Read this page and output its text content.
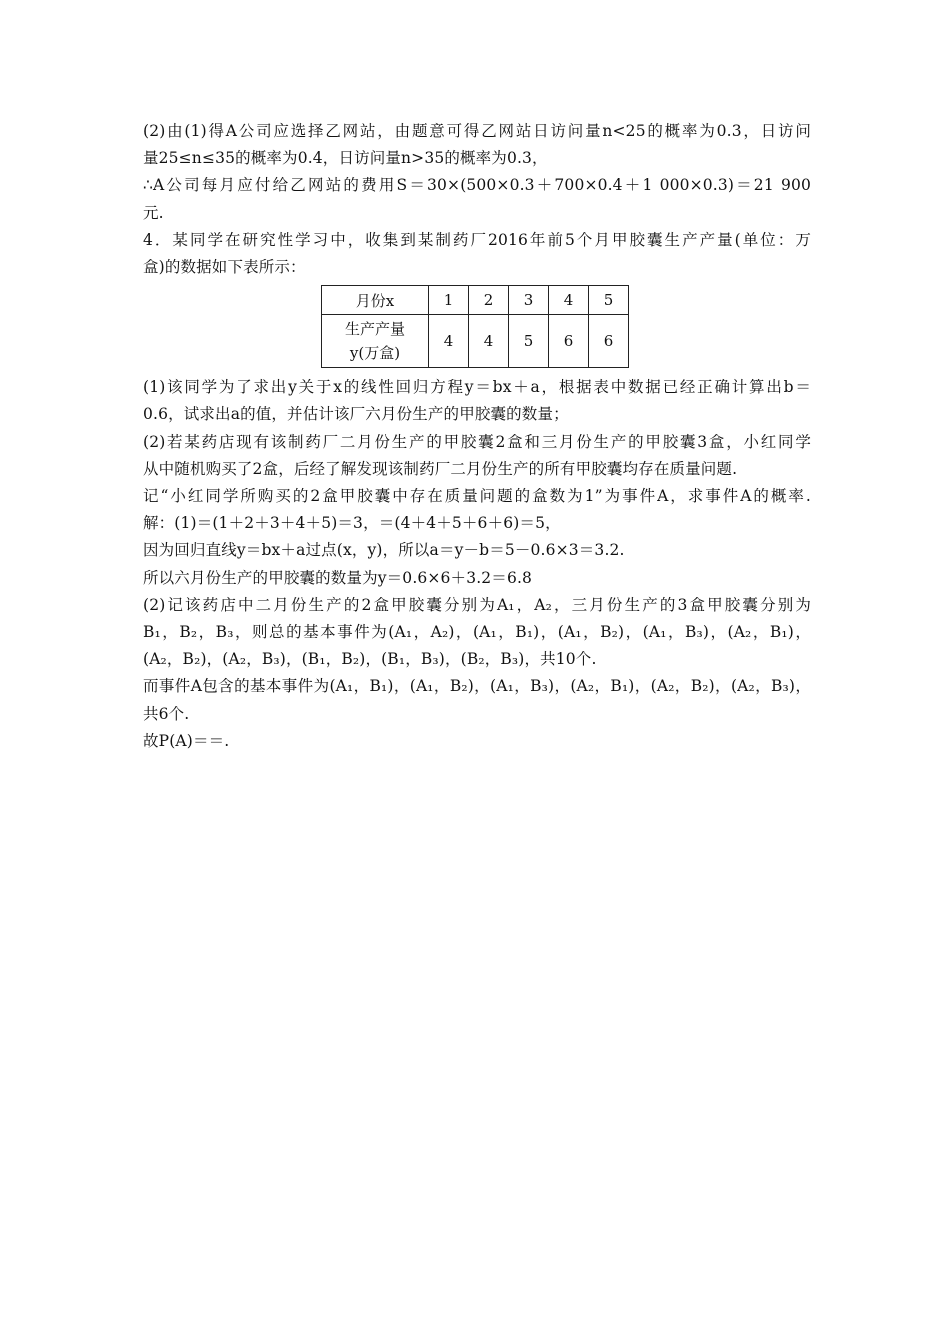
(2)由(1)得A公司应选择乙网站，由题意可得乙网站日访问量n<25的概率为0.3，日访问
量25≤n≤35的概率为0.4，日访问量n>35的概率为0.3，
∴A公司每月应付给乙网站的费用S＝30×(500×0.3＋700×0.4＋1 000×0.3)＝21 900
元.
4．某同学在研究性学习中，收集到某制药厂2016年前5个月甲胶囊生产产量(单位：万
盒)的数据如下表所示：
月份x	1	2	3	4	5

生产产量
y(万盒)	4	4	5	6	6
(1)该同学为了求出y关于x的线性回归方程y＝bx＋a，根据表中数据已经正确计算出b＝
0.6，试求出a的值，并估计该厂六月份生产的甲胶囊的数量；
(2)若某药店现有该制药厂二月份生产的甲胶囊2盒和三月份生产的甲胶囊3盒，小红同学
从中随机购买了2盒，后经了解发现该制药厂二月份生产的所有甲胶囊均存在质量问题.
记“小红同学所购买的2盒甲胶囊中存在质量问题的盒数为1”为事件A，求事件A的概率.
解：(1)＝(1＋2＋3＋4＋5)＝3，＝(4＋4＋5＋6＋6)＝5，
因为回归直线y＝bx＋a过点(x，y)，所以a＝y－b＝5－0.6×3＝3.2.
所以六月份生产的甲胶囊的数量为y＝0.6×6＋3.2＝6.8
(2)记该药店中二月份生产的2盒甲胶囊分别为A₁，A₂，三月份生产的3盒甲胶囊分别为
B₁，B₂，B₃，则总的基本事件为(A₁，A₂)，(A₁，B₁)，(A₁，B₂)，(A₁，B₃)，(A₂，B₁)，
(A₂，B₂)，(A₂，B₃)，(B₁，B₂)，(B₁，B₃)，(B₂，B₃)，共10个.
而事件A包含的基本事件为(A₁，B₁)，(A₁，B₂)，(A₁，B₃)，(A₂，B₁)，(A₂，B₂)，(A₂，B₃)，
共6个.
故P(A)＝＝.
